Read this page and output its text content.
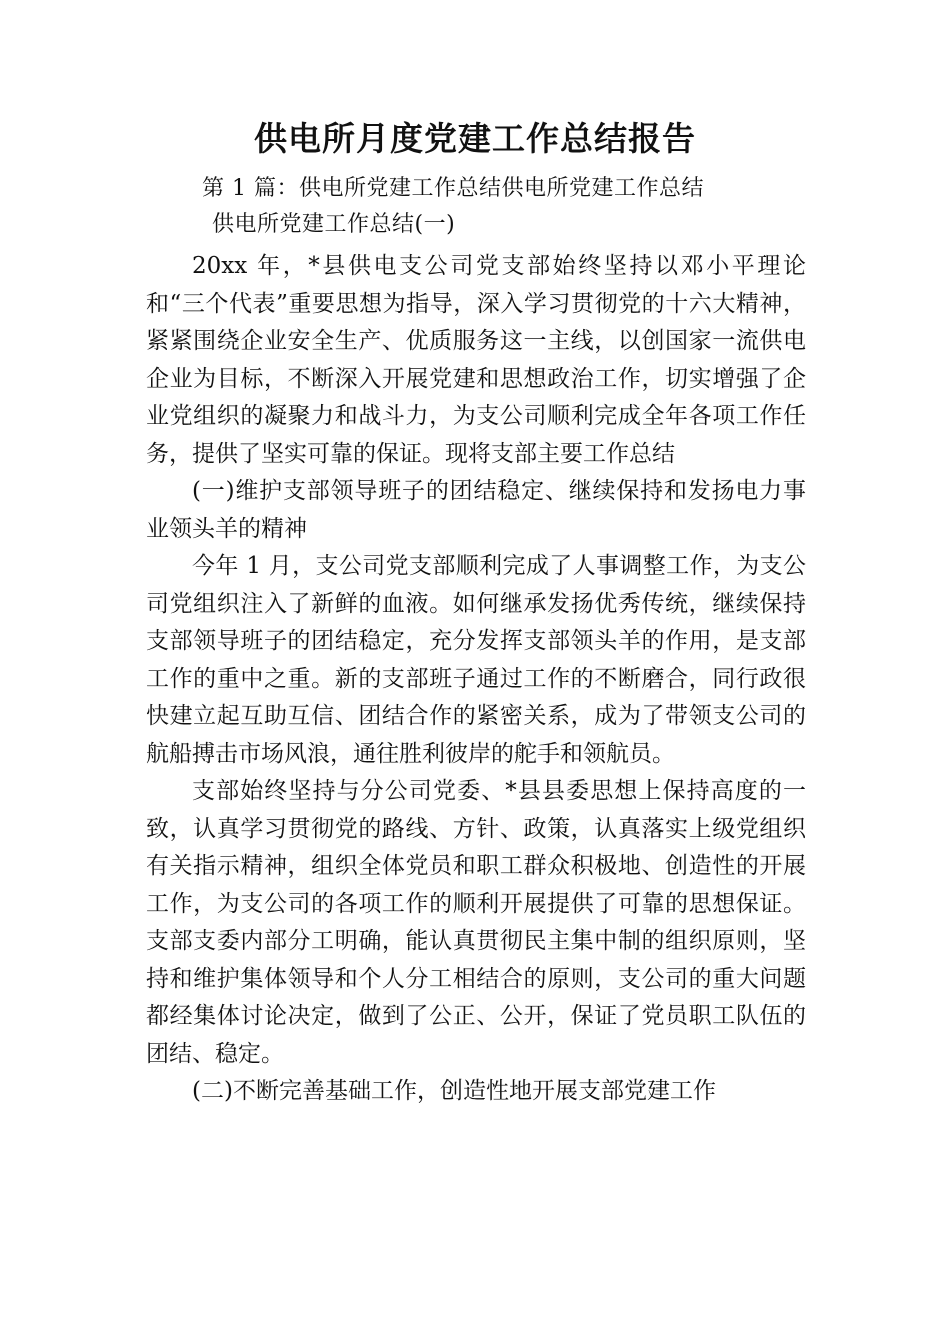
供电所月度党建工作总结报告
第 1 篇：供电所党建工作总结供电所党建工作总结
供电所党建工作总结(一)

20xx 年，*县供电支公司党支部始终坚持以邓小平理论和“三个代表”重要思想为指导，深入学习贯彻党的十六大精神，紧紧围绕企业安全生产、优质服务这一主线，以创国家一流供电企业为目标，不断深入开展党建和思想政治工作，切实增强了企业党组织的凝聚力和战斗力，为支公司顺利完成全年各项工作任务，提供了坚实可靠的保证。现将支部主要工作总结

(一)维护支部领导班子的团结稳定、继续保持和发扬电力事业领头羊的精神

今年 1 月，支公司党支部顺利完成了人事调整工作，为支公司党组织注入了新鲜的血液。如何继承发扬优秀传统，继续保持支部领导班子的团结稳定，充分发挥支部领头羊的作用，是支部工作的重中之重。新的支部班子通过工作的不断磨合，同行政很快建立起互助互信、团结合作的紧密关系，成为了带领支公司的航船搏击市场风浪，通往胜利彼岸的舵手和领航员。

支部始终坚持与分公司党委、*县县委思想上保持高度的一致，认真学习贯彻党的路线、方针、政策，认真落实上级党组织有关指示精神，组织全体党员和职工群众积极地、创造性的开展工作，为支公司的各项工作的顺利开展提供了可靠的思想保证。支部支委内部分工明确，能认真贯彻民主集中制的组织原则，坚持和维护集体领导和个人分工相结合的原则，支公司的重大问题都经集体讨论决定，做到了公正、公开，保证了党员职工队伍的团结、稳定。

(二)不断完善基础工作，创造性地开展支部党建工作
